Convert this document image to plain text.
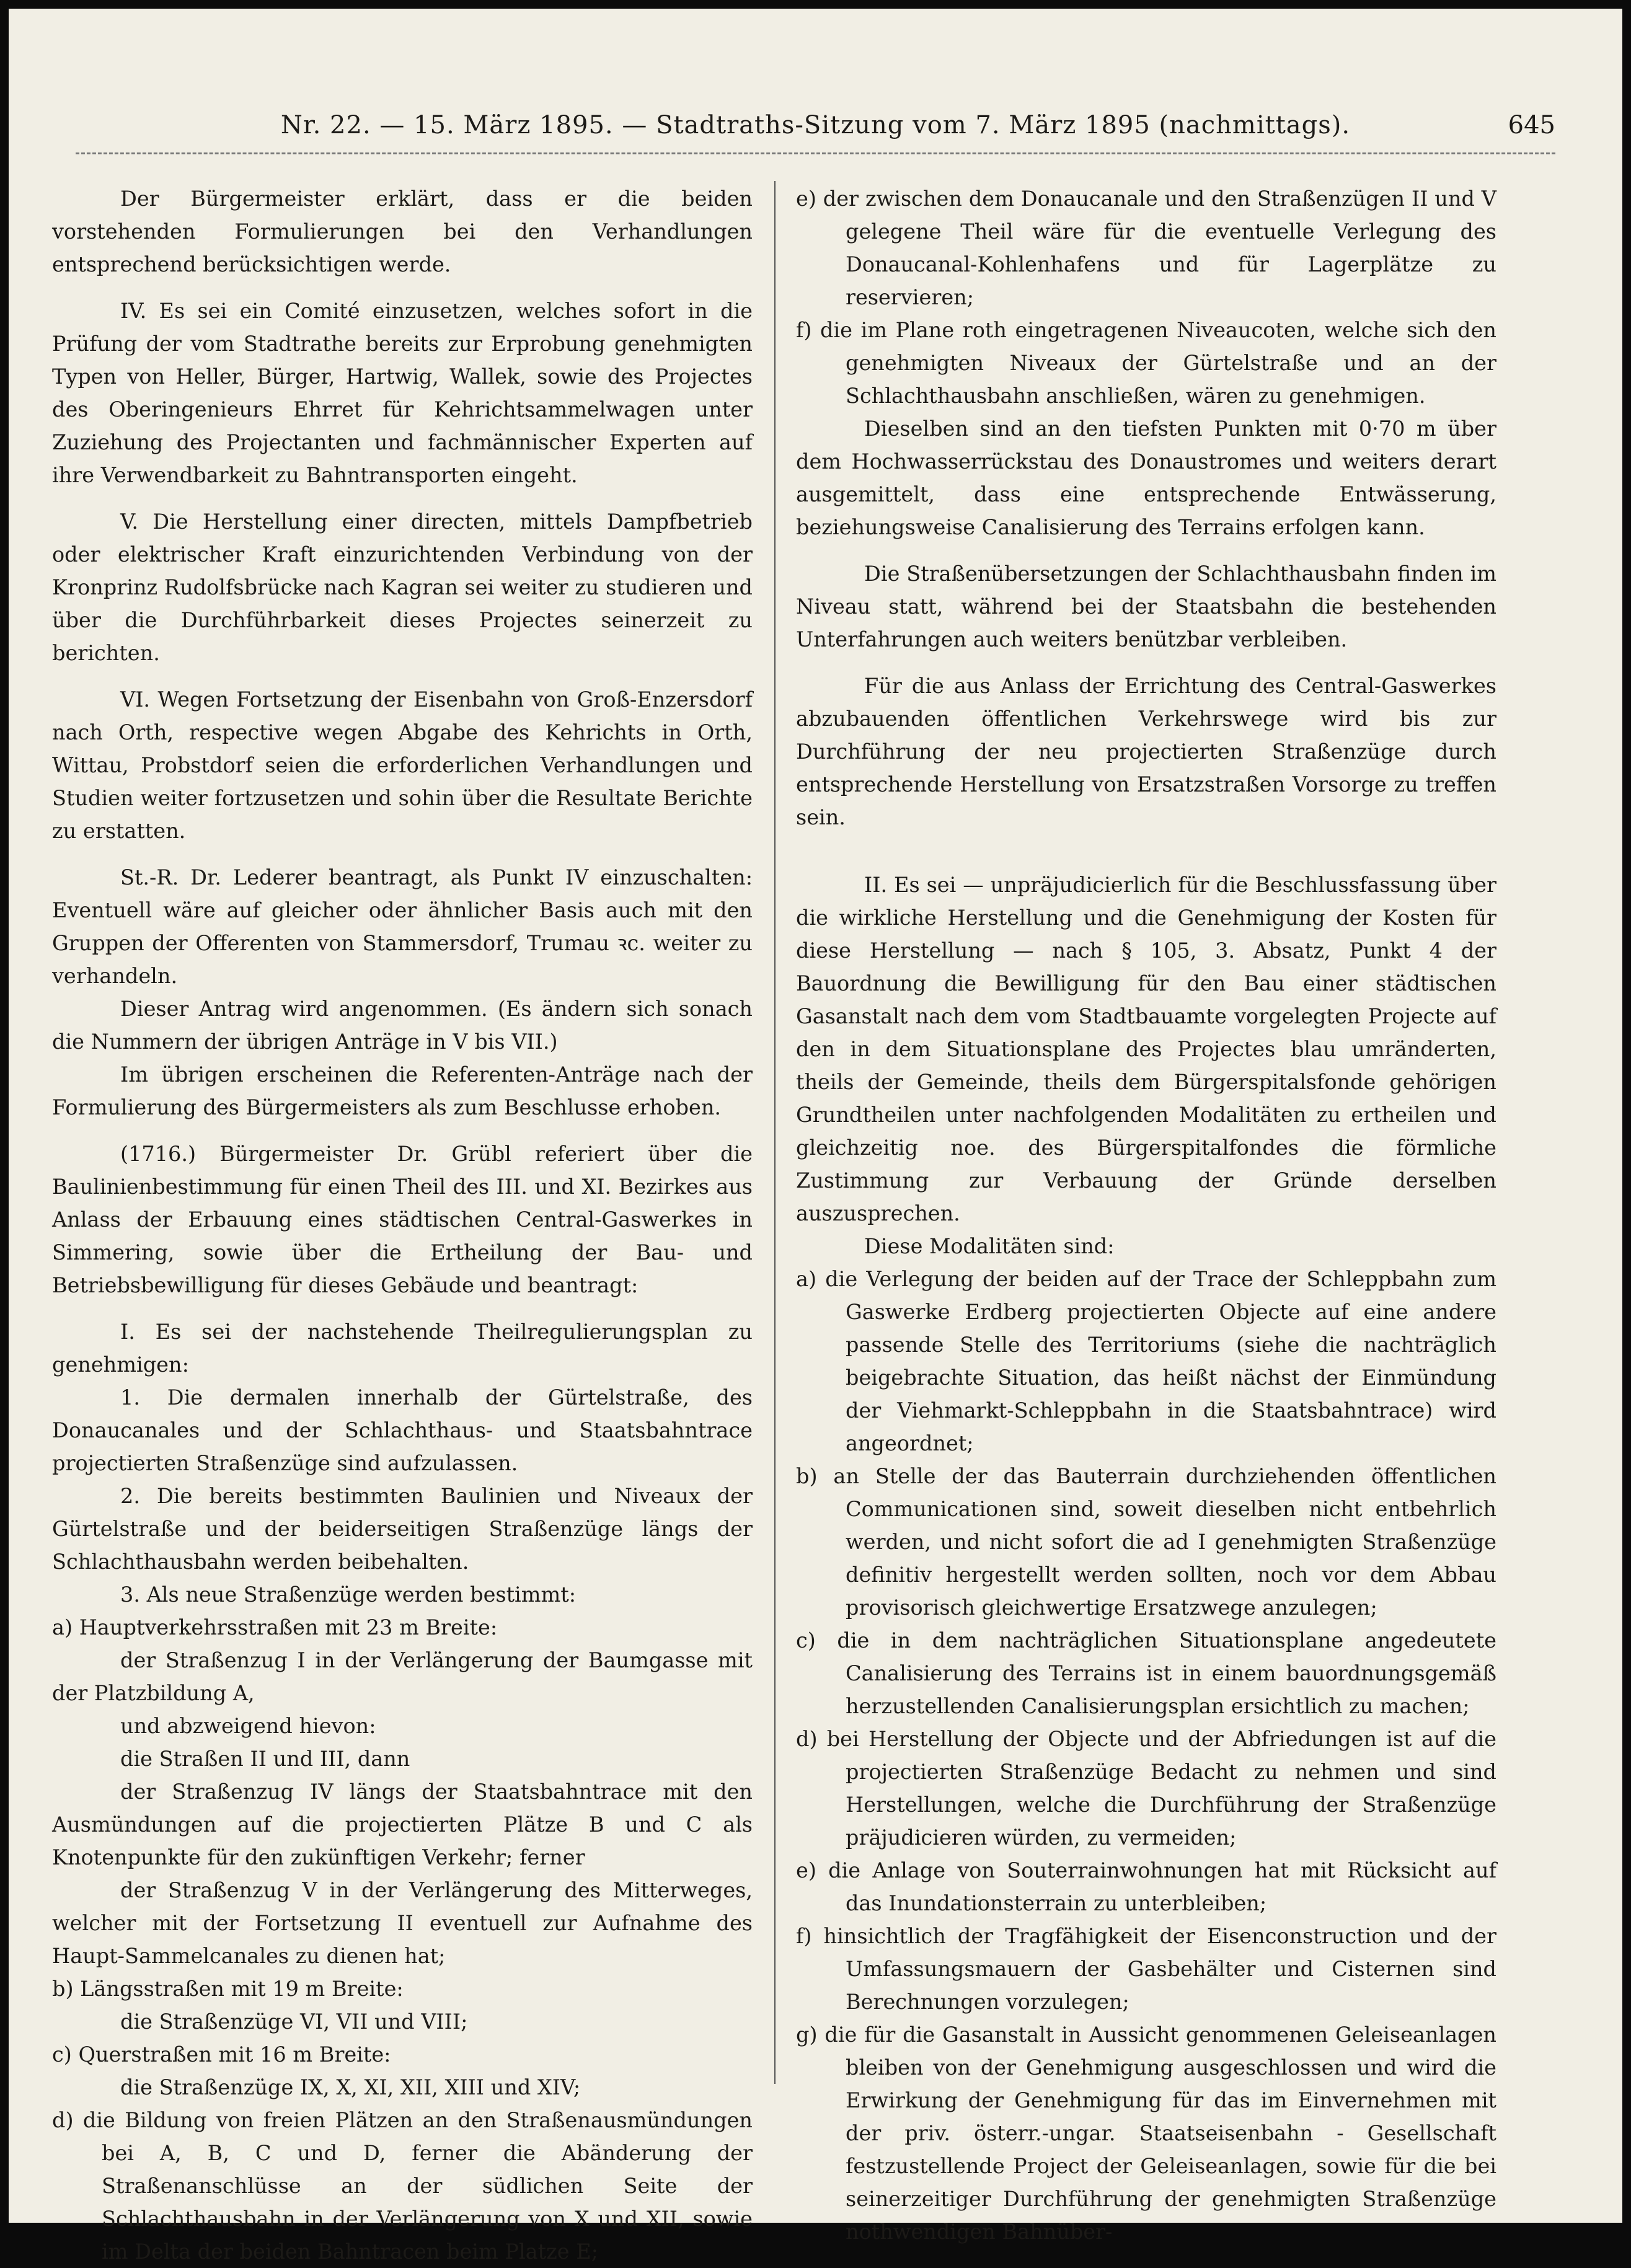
Nr. 22. — 15. März 1895. — Stadtraths-Sitzung vom 7. März 1895 (nachmittags).	645

Der Bürgermeister erklärt, dass er die beiden vorstehenden Formulierungen bei den Verhandlungen entsprechend berücksichtigen werde.

IV. Es sei ein Comité einzusetzen, welches sofort in die Prüfung der vom Stadtrathe bereits zur Erprobung genehmigten Typen von Heller, Bürger, Hartwig, Wallek, sowie des Projectes des Oberingenieurs Ehrret für Kehrichtsammelwagen unter Zuziehung des Projectanten und fachmännischer Experten auf ihre Verwendbarkeit zu Bahntransporten eingeht.

V. Die Herstellung einer directen, mittels Dampfbetrieb oder elektrischer Kraft einzurichtenden Verbindung von der Kronprinz Rudolfsbrücke nach Kagran sei weiter zu studieren und über die Durchführbarkeit dieses Projectes seinerzeit zu berichten.

VI. Wegen Fortsetzung der Eisenbahn von Groß-Enzersdorf nach Orth, respective wegen Abgabe des Kehrichts in Orth, Wittau, Probstdorf seien die erforderlichen Verhandlungen und Studien weiter fortzusetzen und sohin über die Resultate Berichte zu erstatten.

St.-R. Dr. Lederer beantragt, als Punkt IV einzuschalten: Eventuell wäre auf gleicher oder ähnlicher Basis auch mit den Gruppen der Offerenten von Stammersdorf, Trumau ꝛc. weiter zu verhandeln.

Dieser Antrag wird angenommen. (Es ändern sich sonach die Nummern der übrigen Anträge in V bis VII.)

Im übrigen erscheinen die Referenten-Anträge nach der Formulierung des Bürgermeisters als zum Beschlusse erhoben.

(1716.) Bürgermeister Dr. Grübl referiert über die Baulinienbestimmung für einen Theil des III. und XI. Bezirkes aus Anlass der Erbauung eines städtischen Central-Gaswerkes in Simmering, sowie über die Ertheilung der Bau- und Betriebsbewilligung für dieses Gebäude und beantragt:

I. Es sei der nachstehende Theilregulierungsplan zu genehmigen:

1. Die dermalen innerhalb der Gürtelstraße, des Donaucanales und der Schlachthaus- und Staatsbahntrace projectierten Straßenzüge sind aufzulassen.

2. Die bereits bestimmten Baulinien und Niveaux der Gürtelstraße und der beiderseitigen Straßenzüge längs der Schlachthausbahn werden beibehalten.

3. Als neue Straßenzüge werden bestimmt:

a) Hauptverkehrsstraßen mit 23 m Breite:

der Straßenzug I in der Verlängerung der Baumgasse mit der Platzbildung A,

und abzweigend hievon:

die Straßen II und III, dann

der Straßenzug IV längs der Staatsbahntrace mit den Ausmündungen auf die projectierten Plätze B und C als Knotenpunkte für den zukünftigen Verkehr; ferner

der Straßenzug V in der Verlängerung des Mitterweges, welcher mit der Fortsetzung II eventuell zur Aufnahme des Haupt-Sammelcanales zu dienen hat;

b) Längsstraßen mit 19 m Breite:

die Straßenzüge VI, VII und VIII;

c) Querstraßen mit 16 m Breite:

die Straßenzüge IX, X, XI, XII, XIII und XIV;

d) die Bildung von freien Plätzen an den Straßenausmündungen bei A, B, C und D, ferner die Abänderung der Straßenanschlüsse an der südlichen Seite der Schlachthausbahn in der Verlängerung von X und XII, sowie im Delta der beiden Bahntracen beim Platze E;

e) der zwischen dem Donaucanale und den Straßenzügen II und V gelegene Theil wäre für die eventuelle Verlegung des Donaucanal-Kohlenhafens und für Lagerplätze zu reservieren;

f) die im Plane roth eingetragenen Niveaucoten, welche sich den genehmigten Niveaux der Gürtelstraße und an der Schlachthausbahn anschließen, wären zu genehmigen.

Dieselben sind an den tiefsten Punkten mit 0·70 m über dem Hochwasserrückstau des Donaustromes und weiters derart ausgemittelt, dass eine entsprechende Entwässerung, beziehungsweise Canalisierung des Terrains erfolgen kann.

Die Straßenübersetzungen der Schlachthausbahn finden im Niveau statt, während bei der Staatsbahn die bestehenden Unterfahrungen auch weiters benützbar verbleiben.

Für die aus Anlass der Errichtung des Central-Gaswerkes abzubauenden öffentlichen Verkehrswege wird bis zur Durchführung der neu projectierten Straßenzüge durch entsprechende Herstellung von Ersatzstraßen Vorsorge zu treffen sein.

II. Es sei — unpräjudicierlich für die Beschlussfassung über die wirkliche Herstellung und die Genehmigung der Kosten für diese Herstellung — nach § 105, 3. Absatz, Punkt 4 der Bauordnung die Bewilligung für den Bau einer städtischen Gasanstalt nach dem vom Stadtbauamte vorgelegten Projecte auf den in dem Situationsplane des Projectes blau umränderten, theils der Gemeinde, theils dem Bürgerspitalsfonde gehörigen Grundtheilen unter nachfolgenden Modalitäten zu ertheilen und gleichzeitig noe. des Bürgerspitalfondes die förmliche Zustimmung zur Verbauung der Gründe derselben auszusprechen.

Diese Modalitäten sind:

a) die Verlegung der beiden auf der Trace der Schleppbahn zum Gaswerke Erdberg projectierten Objecte auf eine andere passende Stelle des Territoriums (siehe die nachträglich beigebrachte Situation, das heißt nächst der Einmündung der Viehmarkt-Schleppbahn in die Staatsbahntrace) wird angeordnet;

b) an Stelle der das Bauterrain durchziehenden öffentlichen Communicationen sind, soweit dieselben nicht entbehrlich werden, und nicht sofort die ad I genehmigten Straßenzüge definitiv hergestellt werden sollten, noch vor dem Abbau provisorisch gleichwertige Ersatzwege anzulegen;

c) die in dem nachträglichen Situationsplane angedeutete Canalisierung des Terrains ist in einem bauordnungsgemäß herzustellenden Canalisierungsplan ersichtlich zu machen;

d) bei Herstellung der Objecte und der Abfriedungen ist auf die projectierten Straßenzüge Bedacht zu nehmen und sind Herstellungen, welche die Durchführung der Straßenzüge präjudicieren würden, zu vermeiden;

e) die Anlage von Souterrainwohnungen hat mit Rücksicht auf das Inundationsterrain zu unterbleiben;

f) hinsichtlich der Tragfähigkeit der Eisenconstruction und der Umfassungsmauern der Gasbehälter und Cisternen sind Berechnungen vorzulegen;

g) die für die Gasanstalt in Aussicht genommenen Geleiseanlagen bleiben von der Genehmigung ausgeschlossen und wird die Erwirkung der Genehmigung für das im Einvernehmen mit der priv. österr.-ungar. Staatseisenbahn - Gesellschaft festzustellende Project der Geleiseanlagen, sowie für die bei seinerzeitiger Durchführung der genehmigten Straßenzüge nothwendigen Bahnüber-
